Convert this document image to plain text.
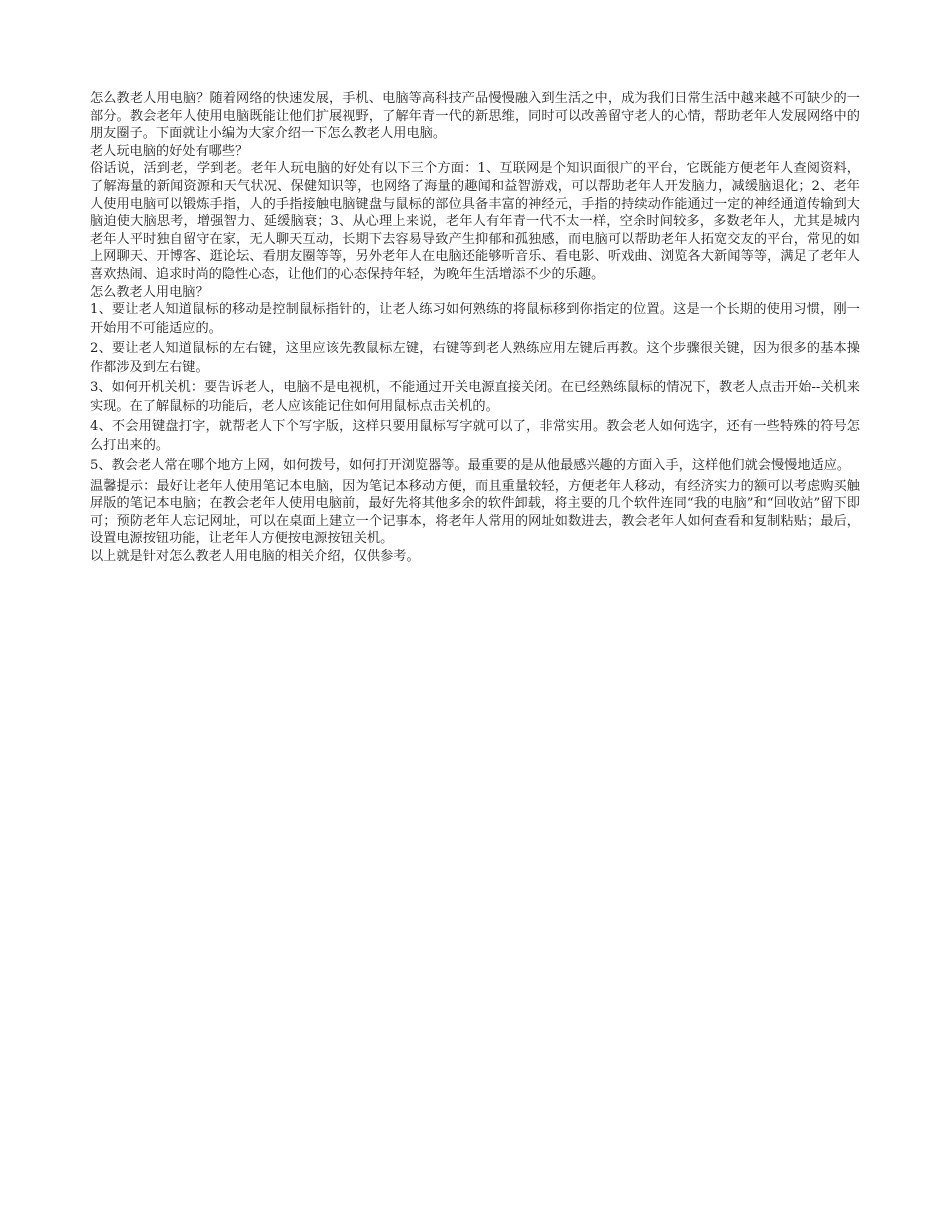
怎么教老人用电脑？随着网络的快速发展，手机、电脑等高科技产品慢慢融入到生活之中，成为我们日常生活中越来越不可缺少的一部分。教会老年人使用电脑既能让他们扩展视野，了解年青一代的新思维，同时可以改善留守老人的心情，帮助老年人发展网络中的朋友圈子。下面就让小编为大家介绍一下怎么教老人用电脑。

老人玩电脑的好处有哪些？

俗话说，活到老，学到老。老年人玩电脑的好处有以下三个方面：1、互联网是个知识面很广的平台，它既能方便老年人查阅资料，了解海量的新闻资源和天气状况、保健知识等，也网络了海量的趣闻和益智游戏，可以帮助老年人开发脑力，减缓脑退化；2、老年人使用电脑可以锻炼手指，人的手指接触电脑键盘与鼠标的部位具备丰富的神经元，手指的持续动作能通过一定的神经通道传输到大脑迫使大脑思考，增强智力、延缓脑衰；3、从心理上来说，老年人有年青一代不太一样，空余时间较多，多数老年人，尤其是城内老年人平时独自留守在家，无人聊天互动，长期下去容易导致产生抑郁和孤独感，而电脑可以帮助老年人拓宽交友的平台，常见的如上网聊天、开博客、逛论坛、看朋友圈等等，另外老年人在电脑还能够听音乐、看电影、听戏曲、浏览各大新闻等等，满足了老年人喜欢热闹、追求时尚的隐性心态，让他们的心态保持年轻，为晚年生活增添不少的乐趣。

怎么教老人用电脑？

1、要让老人知道鼠标的移动是控制鼠标指针的，让老人练习如何熟练的将鼠标移到你指定的位置。这是一个长期的使用习惯，刚一开始用不可能适应的。

2、要让老人知道鼠标的左右键，这里应该先教鼠标左键，右键等到老人熟练应用左键后再教。这个步骤很关键，因为很多的基本操作都涉及到左右键。

3、如何开机关机：要告诉老人，电脑不是电视机，不能通过开关电源直接关闭。在已经熟练鼠标的情况下，教老人点击开始--关机来实现。在了解鼠标的功能后，老人应该能记住如何用鼠标点击关机的。

4、不会用键盘打字，就帮老人下个写字版，这样只要用鼠标写字就可以了，非常实用。教会老人如何选字，还有一些特殊的符号怎么打出来的。

5、教会老人常在哪个地方上网，如何拨号，如何打开浏览器等。最重要的是从他最感兴趣的方面入手，这样他们就会慢慢地适应。

温馨提示：最好让老年人使用笔记本电脑，因为笔记本移动方便，而且重量较轻，方便老年人移动，有经济实力的额可以考虑购买触屏版的笔记本电脑；在教会老年人使用电脑前，最好先将其他多余的软件卸载，将主要的几个软件连同“我的电脑”和“回收站”留下即可；预防老年人忘记网址，可以在桌面上建立一个记事本，将老年人常用的网址如数进去，教会老年人如何查看和复制粘贴；最后，设置电源按钮功能，让老年人方便按电源按钮关机。

以上就是针对怎么教老人用电脑的相关介绍，仅供参考。
